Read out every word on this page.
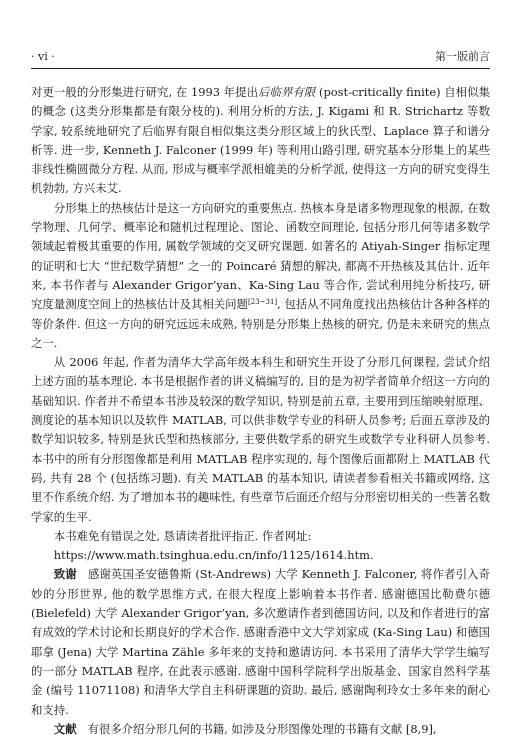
· vi ·	第一版前言

对更一般的分形集进行研究, 在 1993 年提出后临界有限 (post-critically finite) 自相似集的概念 (这类分形集都是有限分枝的). 利用分析的方法, J. Kigami 和 R. Strichartz 等数学家, 较系统地研究了后临界有限自相似集这类分形区域上的狄氏型、Laplace 算子和谱分析等. 进一步, Kenneth J. Falconer (1999 年) 等利用山路引理, 研究基本分形集上的某些非线性椭圆微分方程. 从而, 形成与概率学派相媲美的分析学派, 使得这一方向的研究变得生机勃勃, 方兴未艾.

分形集上的热核估计是这一方向研究的重要焦点. 热核本身是诸多物理现象的根源, 在数学物理、几何学、概率论和随机过程理论、图论、函数空间理论, 包括分形几何等诸多数学领域起着极其重要的作用, 属数学领域的交叉研究课题. 如著名的 Atiyah-Singer 指标定理的证明和七大 “世纪数学猜想” 之一的 Poincaré 猜想的解决, 都离不开热核及其估计. 近年来, 本书作者与 Alexander Grigor’yan、Ka-Sing Lau 等合作, 尝试利用纯分析技巧, 研究度量测度空间上的热核估计及其相关问题[23~31], 包括从不同角度找出热核估计各种各样的等价条件. 但这一方向的研究远远未成熟, 特别是分形集上热核的研究, 仍是未来研究的焦点之一.

从 2006 年起, 作者为清华大学高年级本科生和研究生开设了分形几何课程, 尝试介绍上述方面的基本理论. 本书是根据作者的讲义稿编写的, 目的是为初学者简单介绍这一方向的基础知识. 作者并不希望本书涉及较深的数学知识, 特别是前五章, 主要用到压缩映射原理、测度论的基本知识以及软件 MATLAB, 可以供非数学专业的科研人员参考; 后面五章涉及的数学知识较多, 特别是狄氏型和热核部分, 主要供数学系的研究生或数学专业科研人员参考. 本书中的所有分形图像都是利用 MATLAB 程序实现的, 每个图像后面都附上 MATLAB 代码, 共有 28 个 (包括练习题). 有关 MATLAB 的基本知识, 请读者参看相关书籍或网络, 这里不作系统介绍. 为了增加本书的趣味性, 有些章节后面还介绍与分形密切相关的一些著名数学家的生平.

本书难免有错误之处, 恳请读者批评指正. 作者网址:

https://www.math.tsinghua.edu.cn/info/1125/1614.htm.

致谢 感谢英国圣安德鲁斯 (St-Andrews) 大学 Kenneth J. Falconer, 将作者引入奇妙的分形世界, 他的数学思维方式, 在很大程度上影响着本书作者. 感谢德国比勒费尔德 (Bielefeld) 大学 Alexander Grigor’yan, 多次邀请作者到德国访问, 以及和作者进行的富有成效的学术讨论和长期良好的学术合作. 感谢香港中文大学刘家成 (Ka-Sing Lau) 和德国耶拿 (Jena) 大学 Martina Zähle 多年来的支持和邀请访问. 本书采用了清华大学学生编写的一部分 MATLAB 程序, 在此表示感谢. 感谢中国科学院科学出版基金、国家自然科学基金 (编号 11071108) 和清华大学自主科研课题的资助. 最后, 感谢陶利玲女士多年来的耐心和支持.

文献 有很多介绍分形几何的书籍, 如涉及分形图像处理的书籍有文献 [8,9],
